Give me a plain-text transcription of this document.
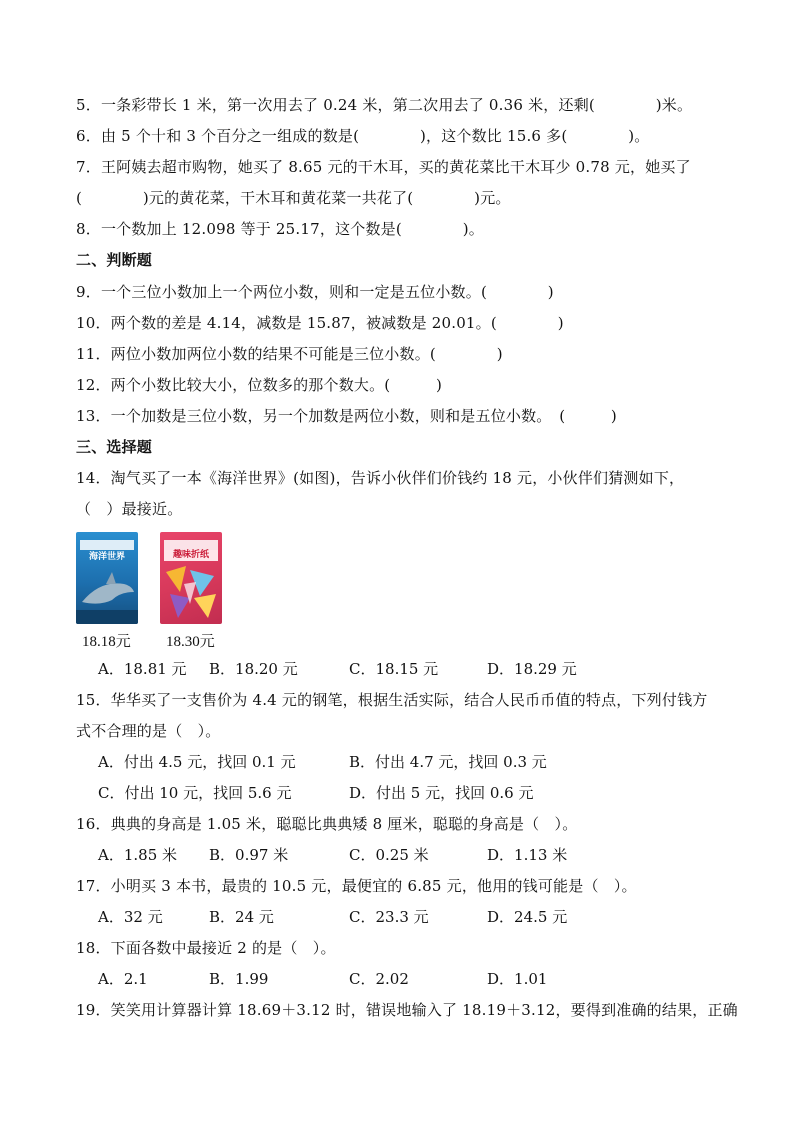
5．一条彩带长 1 米，第一次用去了 0.24 米，第二次用去了 0.36 米，还剩(　　　　)米。
6．由 5 个十和 3 个百分之一组成的数是(　　　　)，这个数比 15.6 多(　　　　)。
7．王阿姨去超市购物，她买了 8.65 元的干木耳，买的黄花菜比干木耳少 0.78 元，她买了
(　　　　)元的黄花菜，干木耳和黄花菜一共花了(　　　　)元。
8．一个数加上 12.098 等于 25.17，这个数是(　　　　)。
二、判断题
9．一个三位小数加上一个两位小数，则和一定是五位小数。(　　　　)
10．两个数的差是 4.14，减数是 15.87，被减数是 20.01。(　　　　)
11．两位小数加两位小数的结果不可能是三位小数。(　　　　)
12．两个小数比较大小，位数多的那个数大。(　　　)
13．一个加数是三位小数，另一个加数是两位小数，则和是五位小数。　(　　　)
三、选择题
14．淘气买了一本《海洋世界》(如图)，告诉小伙伴们价钱约 18 元，小伙伴们猜测如下，
（　）最接近。
海洋世界	趣味折纸
18.18元 18.30元
A．18.81 元 B．18.20 元	C．18.15 元	D．18.29 元
15．华华买了一支售价为 4.4 元的钢笔，根据生活实际，结合人民币币值的特点，下列付钱方
式不合理的是（　）。
A．付出 4.5 元，找回 0.1 元	B．付出 4.7 元，找回 0.3 元
C．付出 10 元，找回 5.6 元	D．付出 5 元，找回 0.6 元
16．典典的身高是 1.05 米，聪聪比典典矮 8 厘米，聪聪的身高是（　）。
A．1.85 米 B．0.97 米	C．0.25 米	D．1.13 米
17．小明买 3 本书，最贵的 10.5 元，最便宜的 6.85 元，他用的钱可能是（　）。
A．32 元	B．24 元	C．23.3 元	D．24.5 元
18．下面各数中最接近 2 的是（　）。
A．2.1	B．1.99	C．2.02	D．1.01
19．笑笑用计算器计算 18.69＋3.12 时，错误地输入了 18.19＋3.12，要得到准确的结果，正确
